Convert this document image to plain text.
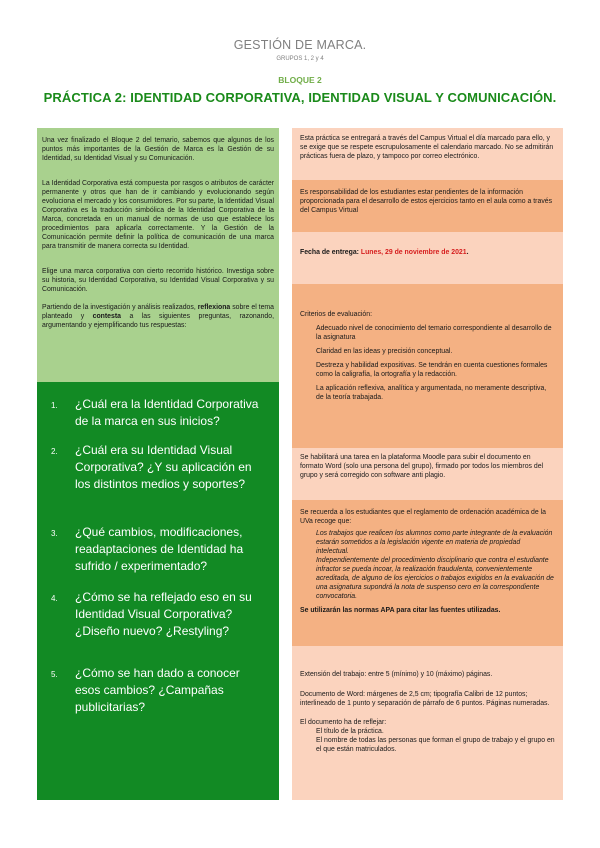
GESTIÓN DE MARCA.
GRUPOS 1, 2 y 4
BLOQUE 2
PRÁCTICA 2: IDENTIDAD CORPORATIVA, IDENTIDAD VISUAL Y COMUNICACIÓN.
Una vez finalizado el Bloque 2 del temario, sabemos que algunos de los puntos más importantes de la Gestión de Marca es la Gestión de su Identidad, su Identidad Visual y su Comunicación.
La Identidad Corporativa está compuesta por rasgos o atributos de carácter permanente y otros que han de ir cambiando y evolucionando según evoluciona el mercado y los consumidores. Por su parte, la Identidad Visual Corporativa es la traducción simbólica de la Identidad Corporativa de la Marca, concretada en un manual de normas de uso que establece los procedimientos para aplicarla correctamente. Y la Gestión de la Comunicación permite definir la política de comunicación de una marca para transmitir de manera correcta su Identidad.
Elige una marca corporativa con cierto recorrido histórico. Investiga sobre su historia, su Identidad Corporativa, su Identidad Visual Corporativa y su Comunicación.
Partiendo de la investigación y análisis realizados, reflexiona sobre el tema planteado y contesta a las siguientes preguntas, razonando, argumentando y ejemplificando tus respuestas:
1.	¿Cuál era la Identidad Corporativa de la marca en sus inicios?
2.	¿Cuál era su Identidad Visual Corporativa? ¿Y su aplicación en los distintos medios y soportes?
3.	¿Qué cambios, modificaciones, readaptaciones de Identidad ha sufrido / experimentado?
4.	¿Cómo se ha reflejado eso en su Identidad Visual Corporativa? ¿Diseño nuevo? ¿Restyling?
5.	¿Cómo se han dado a conocer esos cambios? ¿Campañas publicitarias?
Esta práctica se entregará a través del Campus Virtual el día marcado para ello, y se exige que se respete escrupulosamente el calendario marcado. No se admitirán prácticas fuera de plazo, y tampoco por correo electrónico.
Es responsabilidad de los estudiantes estar pendientes de la información proporcionada para el desarrollo de estos ejercicios tanto en el aula como a través del Campus Virtual
Fecha de entrega: Lunes, 29 de noviembre de 2021.
Criterios de evaluación:
Adecuado nivel de conocimiento del temario correspondiente al desarrollo de la asignatura
Claridad en las ideas y precisión conceptual.
Destreza y habilidad expositivas. Se tendrán en cuenta cuestiones formales como la caligrafía, la ortografía y la redacción.
La aplicación reflexiva, analítica y argumentada, no meramente descriptiva, de la teoría trabajada.
Se habilitará una tarea en la plataforma Moodle para subir el documento en formato Word (solo una persona del grupo), firmado por todos los miembros del grupo y será corregido con software anti plagio.
Se recuerda a los estudiantes que el reglamento de ordenación académica de la UVa recoge que:
Los trabajos que realicen los alumnos como parte integrante de la evaluación estarán sometidos a la legislación vigente en materia de propiedad intelectual.
Independientemente del procedimiento disciplinario que contra el estudiante infractor se pueda incoar, la realización fraudulenta, convenientemente acreditada, de alguno de los ejercicios o trabajos exigidos en la evaluación de una asignatura supondrá la nota de suspenso cero en la correspondiente convocatoria.
Se utilizarán las normas APA para citar las fuentes utilizadas.
Extensión del trabajo: entre 5 (mínimo) y 10 (máximo) páginas.
Documento de Word: márgenes de 2,5 cm; tipografía Calibri de 12 puntos; interlineado de 1 punto y separación de párrafo de 6 puntos. Páginas numeradas.
El documento ha de reflejar:
El título de la práctica.
El nombre de todas las personas que forman el grupo de trabajo y el grupo en el que están matriculados.
